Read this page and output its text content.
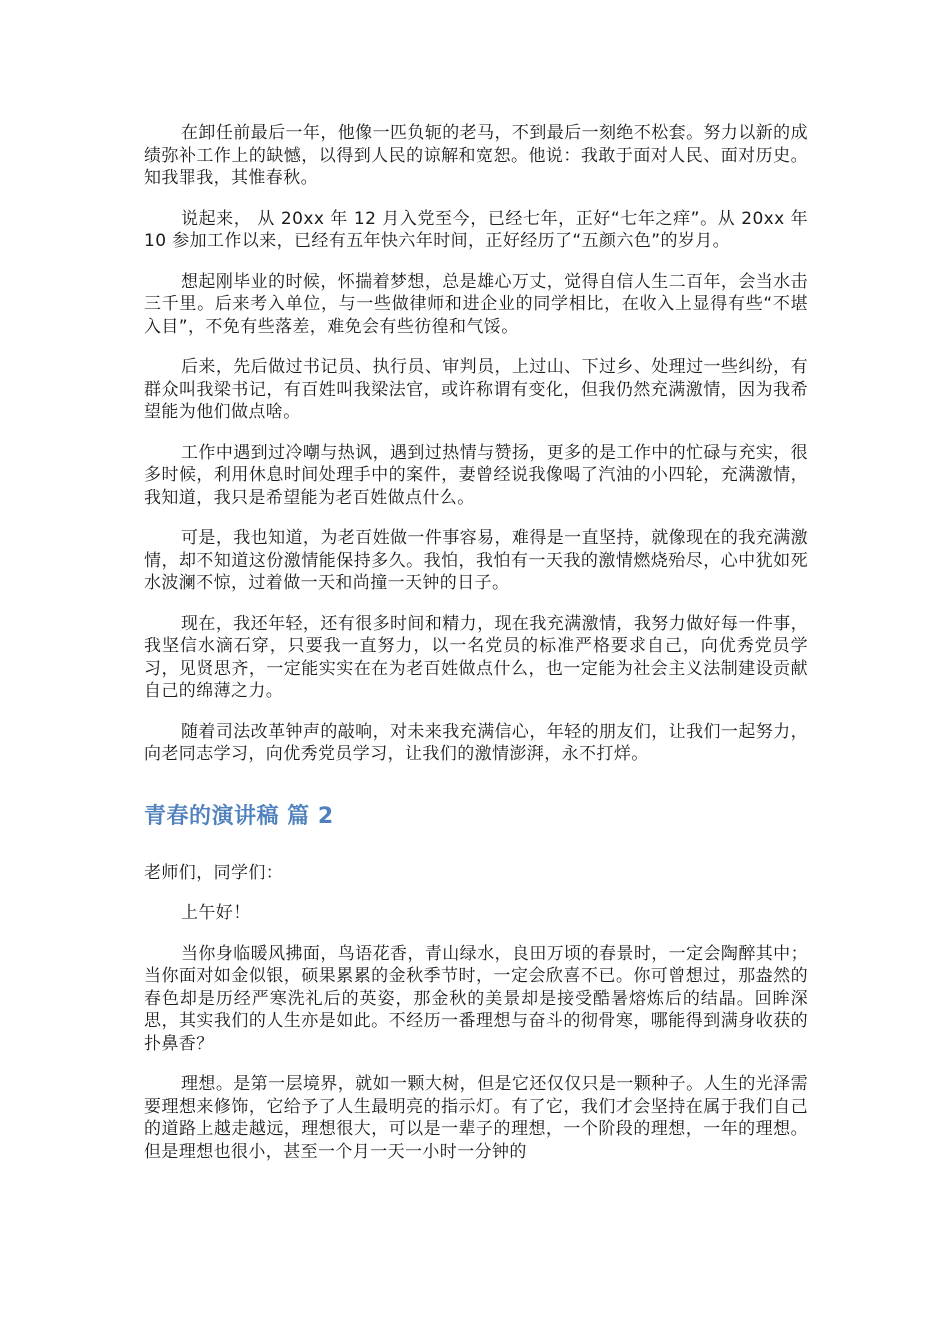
在卸任前最后一年，他像一匹负轭的老马，不到最后一刻绝不松套。努力以新的成绩弥补工作上的缺憾，以得到人民的谅解和宽恕。他说：我敢于面对人民、面对历史。知我罪我，其惟春秋。

说起来， 从 20xx 年 12 月入党至今，已经七年，正好“七年之痒”。从 20xx 年 10 参加工作以来，已经有五年快六年时间，正好经历了“五颜六色”的岁月。

想起刚毕业的时候，怀揣着梦想，总是雄心万丈，觉得自信人生二百年，会当水击三千里。后来考入单位，与一些做律师和进企业的同学相比，在收入上显得有些“不堪入目”，不免有些落差，难免会有些彷徨和气馁。

后来，先后做过书记员、执行员、审判员，上过山、下过乡、处理过一些纠纷，有群众叫我梁书记，有百姓叫我梁法官，或许称谓有变化，但我仍然充满激情，因为我希望能为他们做点啥。

工作中遇到过冷嘲与热讽，遇到过热情与赞扬，更多的是工作中的忙碌与充实，很多时候，利用休息时间处理手中的案件，妻曾经说我像喝了汽油的小四轮，充满激情，我知道，我只是希望能为老百姓做点什么。

可是，我也知道，为老百姓做一件事容易，难得是一直坚持，就像现在的我充满激情，却不知道这份激情能保持多久。我怕，我怕有一天我的激情燃烧殆尽，心中犹如死水波澜不惊，过着做一天和尚撞一天钟的日子。

现在，我还年轻，还有很多时间和精力，现在我充满激情，我努力做好每一件事，我坚信水滴石穿，只要我一直努力，以一名党员的标准严格要求自己，向优秀党员学习，见贤思齐，一定能实实在在为老百姓做点什么，也一定能为社会主义法制建设贡献自己的绵薄之力。

随着司法改革钟声的敲响，对未来我充满信心，年轻的朋友们，让我们一起努力，向老同志学习，向优秀党员学习，让我们的激情澎湃，永不打烊。

青春的演讲稿 篇 2

老师们，同学们：

上午好！

当你身临暖风拂面，鸟语花香，青山绿水，良田万顷的春景时，一定会陶醉其中；当你面对如金似银，硕果累累的金秋季节时，一定会欣喜不已。你可曾想过，那盎然的春色却是历经严寒洗礼后的英姿，那金秋的美景却是接受酷暑熔炼后的结晶。回眸深思，其实我们的人生亦是如此。不经历一番理想与奋斗的彻骨寒，哪能得到满身收获的扑鼻香？

理想。是第一层境界，就如一颗大树，但是它还仅仅只是一颗种子。人生的光泽需要理想来修饰，它给予了人生最明亮的指示灯。有了它，我们才会坚持在属于我们自己的道路上越走越远，理想很大，可以是一辈子的理想，一个阶段的理想，一年的理想。但是理想也很小，甚至一个月一天一小时一分钟的
